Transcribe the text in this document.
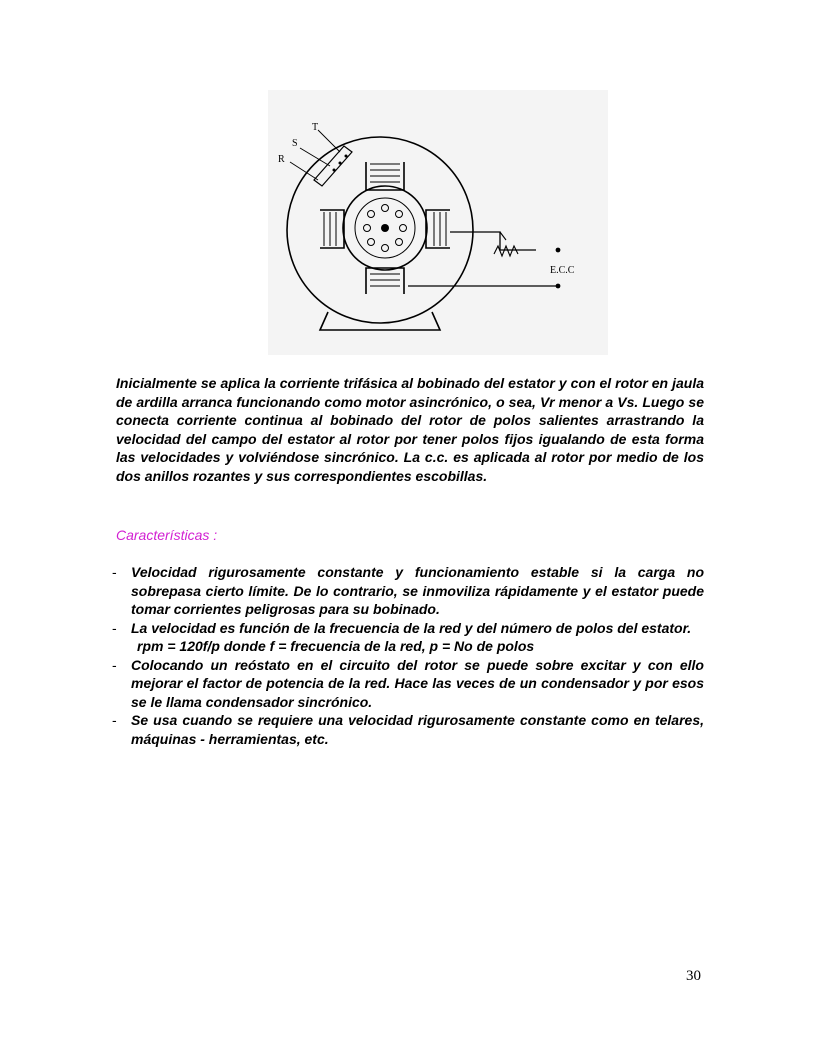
T
S
R
E.C.C

Inicialmente se aplica la corriente trifásica al bobinado del estator y con el rotor en jaula de ardilla arranca funcionando como motor asincrónico, o sea, Vr menor a Vs. Luego se conecta corriente continua al bobinado del rotor de polos salientes arrastrando la velocidad del campo del estator al rotor por tener polos fijos igualando de esta forma las velocidades y volviéndose sincrónico. La c.c. es aplicada al rotor por medio de los dos anillos rozantes y sus correspondientes escobillas.

Características :

- Velocidad rigurosamente constante y funcionamiento estable si la carga no sobrepasa cierto límite. De lo contrario, se inmoviliza rápidamente y el estator puede tomar corrientes peligrosas para su bobinado.
- La velocidad es función de la frecuencia de la red y del número de polos del estator.
rpm = 120f/p donde f = frecuencia de la red, p = No de polos
- Colocando un reóstato en el circuito del rotor se puede sobre excitar y con ello mejorar el factor de potencia de la red. Hace las veces de un condensador y por esos se le llama condensador sincrónico.
- Se usa cuando se requiere una velocidad rigurosamente constante como en telares, máquinas - herramientas, etc.
30
